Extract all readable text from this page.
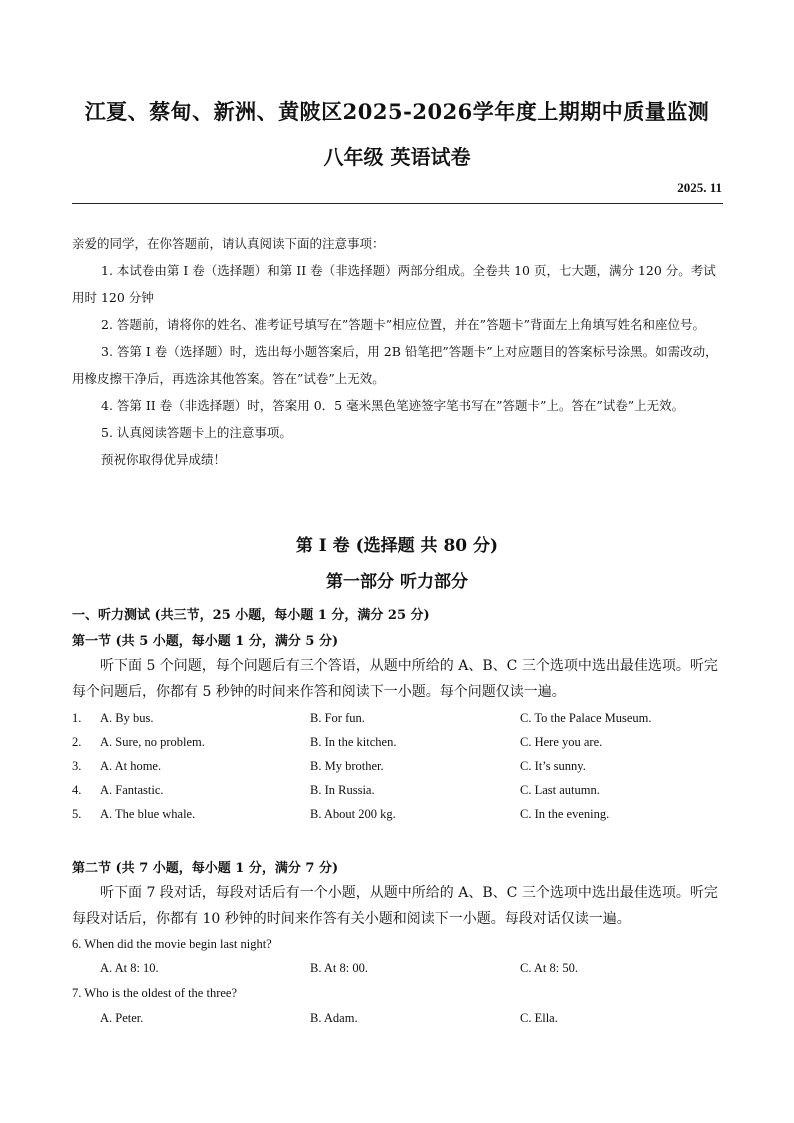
江夏、蔡甸、新洲、黄陂区2025-2026学年度上期期中质量监测
八年级 英语试卷
2025. 11

亲爱的同学，在你答题前，请认真阅读下面的注意事项：

1. 本试卷由第 I 卷（选择题）和第 II 卷（非选择题）两部分组成。全卷共 10 页，七大题，满分 120 分。考试用时 120 分钟

2. 答题前，请将你的姓名、准考证号填写在”答题卡”相应位置，并在”答题卡”背面左上角填写姓名和座位号。

3. 答第 I 卷（选择题）时，选出每小题答案后，用 2B 铅笔把”答题卡”上对应题目的答案标号涂黑。如需改动，用橡皮擦干净后，再选涂其他答案。答在”试卷”上无效。

4. 答第 II 卷（非选择题）时，答案用 0．5 毫米黑色笔迹签字笔书写在”答题卡”上。答在”试卷”上无效。

5. 认真阅读答题卡上的注意事项。

预祝你取得优异成绩！

第 I 卷 (选择题 共 80 分)
第一部分 听力部分
一、听力测试 (共三节，25 小题，每小题 1 分，满分 25 分)
第一节 (共 5 小题，每小题 1 分，满分 5 分)
听下面 5 个问题，每个问题后有三个答语，从题中所给的 A、B、C 三个选项中选出最佳选项。听完每个问题后，你都有 5 秒钟的时间来作答和阅读下一小题。每个问题仅读一遍。
1. A. By bus.	B. For fun.	C. To the Palace Museum.
2. A. Sure, no problem.	B. In the kitchen.	C. Here you are.
3. A. At home.	B. My brother.	C. It’s sunny.
4. A. Fantastic.	B. In Russia.	C. Last autumn.
5. A. The blue whale.	B. About 200 kg.	C. In the evening.
第二节 (共 7 小题，每小题 1 分，满分 7 分)
听下面 7 段对话，每段对话后有一个小题，从题中所给的 A、B、C 三个选项中选出最佳选项。听完每段对话后，你都有 10 秒钟的时间来作答有关小题和阅读下一小题。每段对话仅读一遍。
6. When did the movie begin last night?
A. At 8: 10.	B. At 8: 00.	C. At 8: 50.
7. Who is the oldest of the three?
A. Peter.	B. Adam.	C. Ella.
